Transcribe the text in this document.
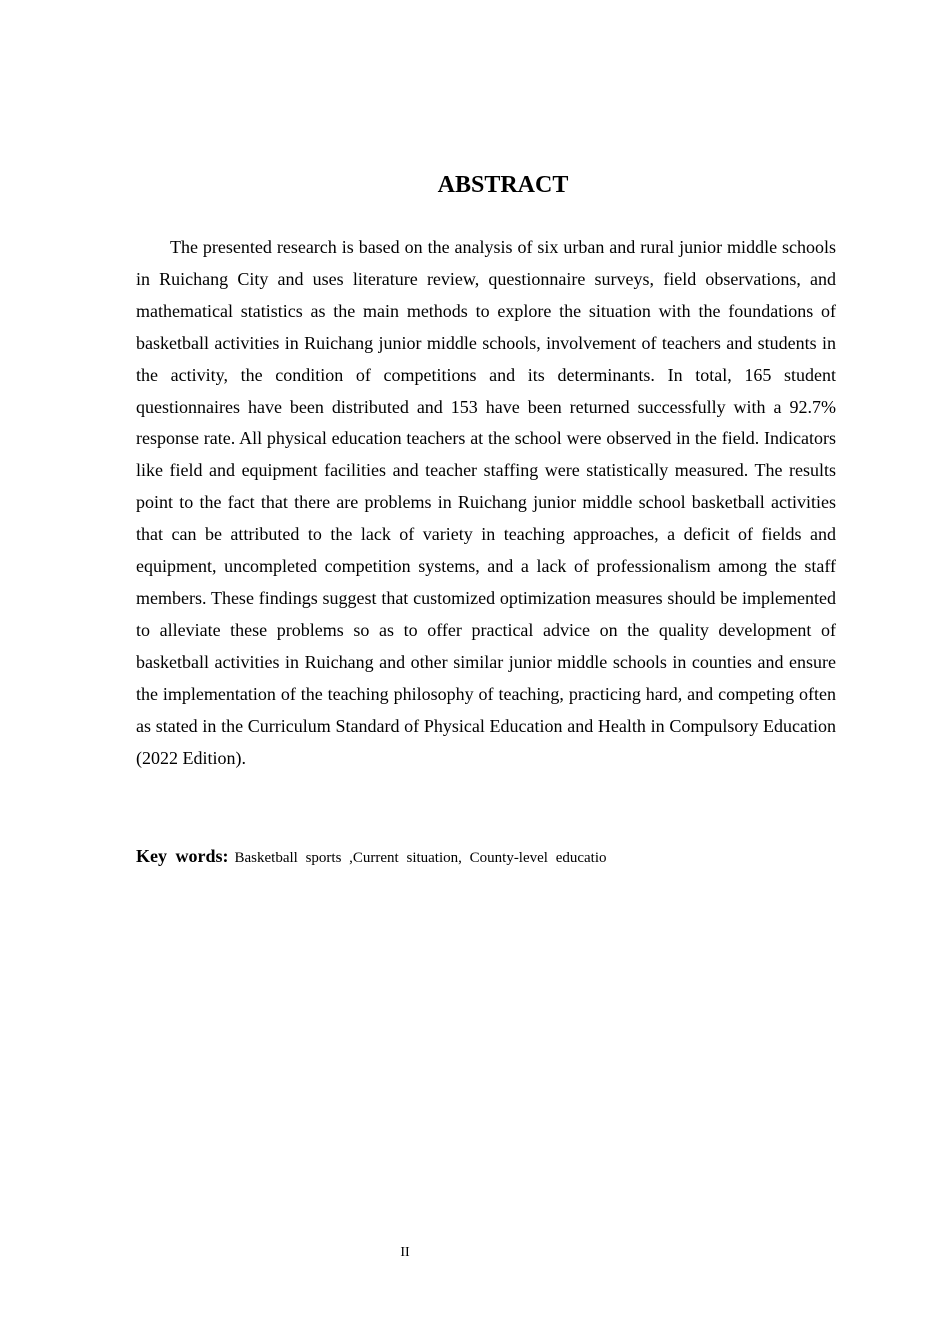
ABSTRACT

The presented research is based on the analysis of six urban and rural junior middle schools in Ruichang City and uses literature review, questionnaire surveys, field observations, and mathematical statistics as the main methods to explore the situation with the foundations of basketball activities in Ruichang junior middle schools, involvement of teachers and students in the activity, the condition of competitions and its determinants. In total, 165 student questionnaires have been distributed and 153 have been returned successfully with a 92.7% response rate. All physical education teachers at the school were observed in the field. Indicators like field and equipment facilities and teacher staffing were statistically measured. The results point to the fact that there are problems in Ruichang junior middle school basketball activities that can be attributed to the lack of variety in teaching approaches, a deficit of fields and equipment, uncompleted competition systems, and a lack of professionalism among the staff members. These findings suggest that customized optimization measures should be implemented to alleviate these problems so as to offer practical advice on the quality development of basketball activities in Ruichang and other similar junior middle schools in counties and ensure the implementation of the teaching philosophy of teaching, practicing hard, and competing often as stated in the Curriculum Standard of Physical Education and Health in Compulsory Education (2022 Edition).

Key words: Basketball sports ,Current situation, County-level educatio

II
